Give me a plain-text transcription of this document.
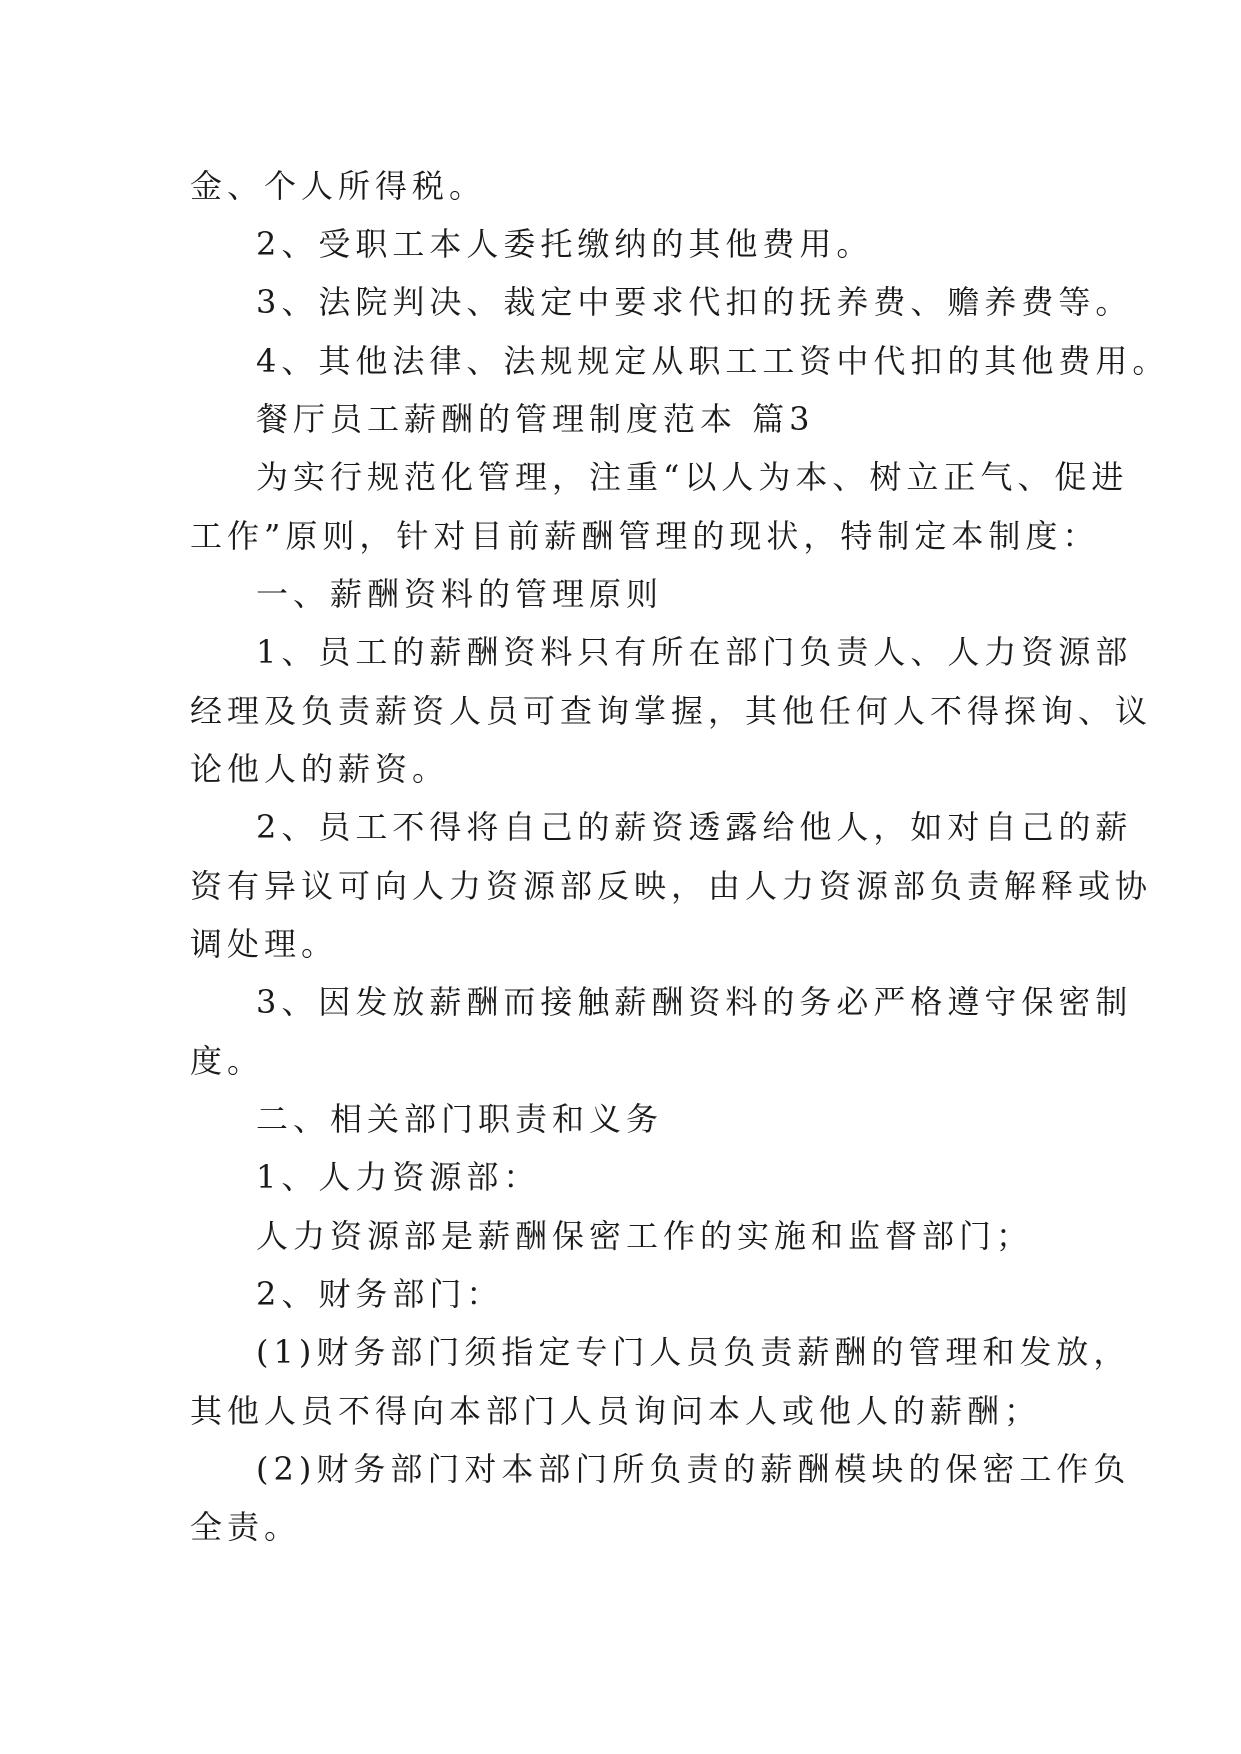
金、个人所得税。
2、受职工本人委托缴纳的其他费用。
3、法院判决、裁定中要求代扣的抚养费、赡养费等。
4、其他法律、法规规定从职工工资中代扣的其他费用。
餐厅员工薪酬的管理制度范本 篇3
为实行规范化管理，注重“以人为本、树立正气、促进
工作”原则，针对目前薪酬管理的现状，特制定本制度：
一、薪酬资料的管理原则
1、员工的薪酬资料只有所在部门负责人、人力资源部
经理及负责薪资人员可查询掌握，其他任何人不得探询、议
论他人的薪资。
2、员工不得将自己的薪资透露给他人，如对自己的薪
资有异议可向人力资源部反映，由人力资源部负责解释或协
调处理。
3、因发放薪酬而接触薪酬资料的务必严格遵守保密制
度。
二、相关部门职责和义务
1、人力资源部：
人力资源部是薪酬保密工作的实施和监督部门；
2、财务部门：
(1)财务部门须指定专门人员负责薪酬的管理和发放，
其他人员不得向本部门人员询问本人或他人的薪酬；
(2)财务部门对本部门所负责的薪酬模块的保密工作负
全责。
